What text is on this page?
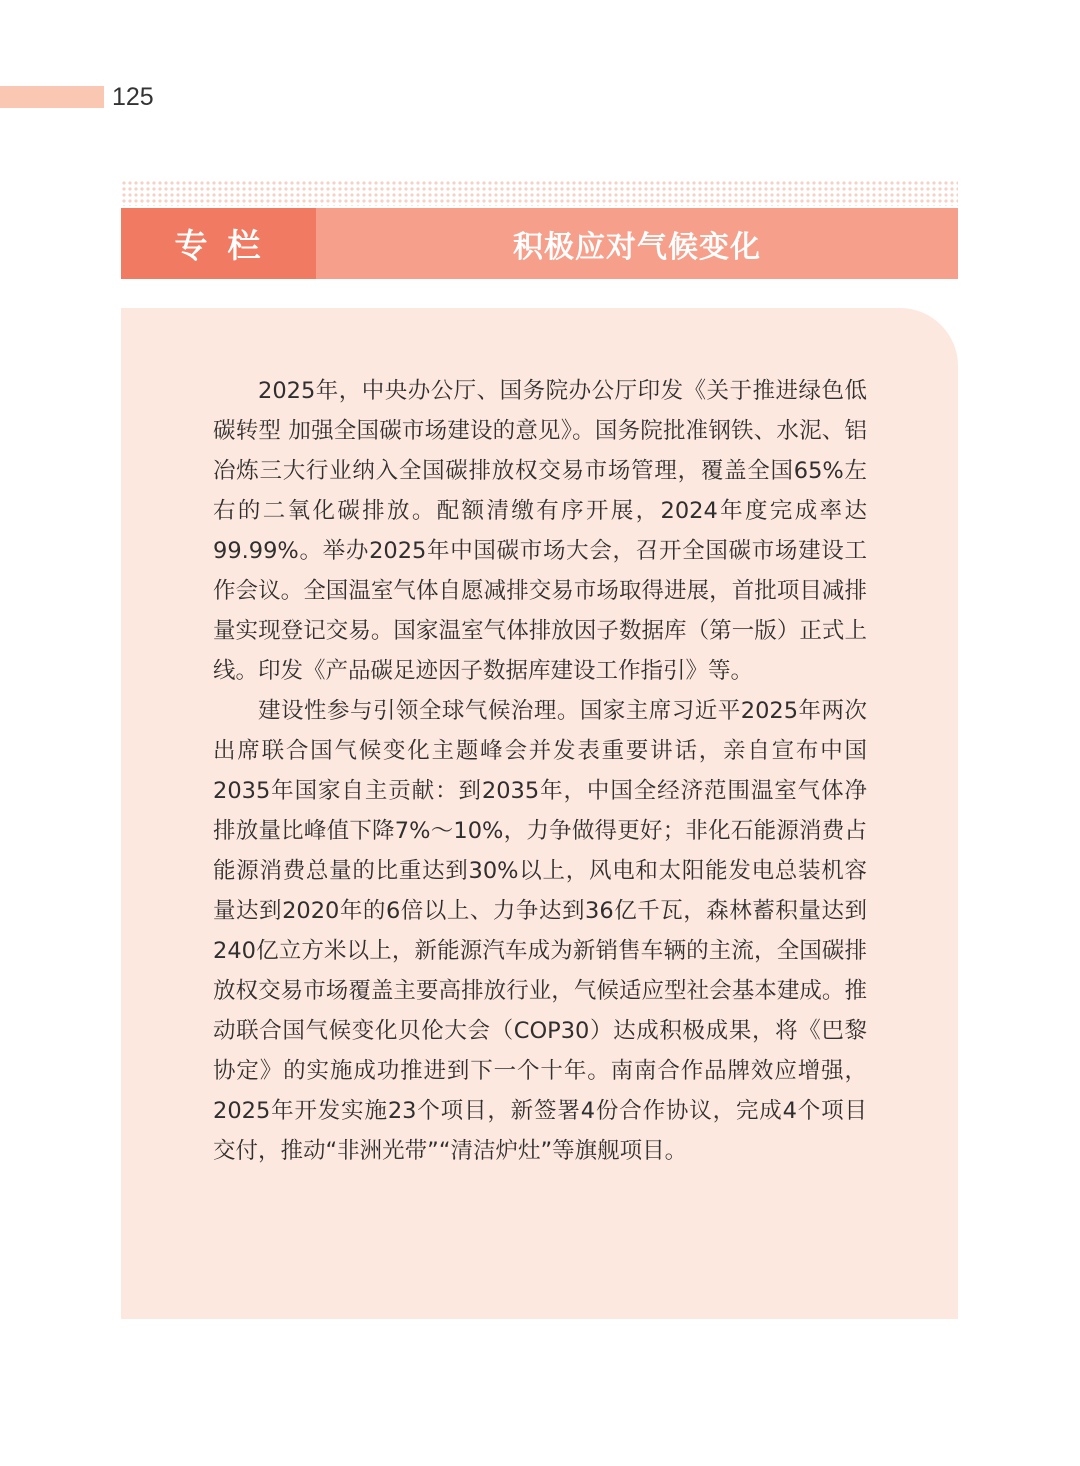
125
专栏	积极应对气候变化

2025年，中央办公厅、国务院办公厅印发《关于推进绿色低碳转型 加强全国碳市场建设的意见》。国务院批准钢铁、水泥、铝冶炼三大行业纳入全国碳排放权交易市场管理，覆盖全国65%左右的二氧化碳排放。配额清缴有序开展，2024年度完成率达99.99%。举办2025年中国碳市场大会，召开全国碳市场建设工作会议。全国温室气体自愿减排交易市场取得进展，首批项目减排量实现登记交易。国家温室气体排放因子数据库（第一版）正式上线。印发《产品碳足迹因子数据库建设工作指引》等。

建设性参与引领全球气候治理。国家主席习近平2025年两次出席联合国气候变化主题峰会并发表重要讲话，亲自宣布中国2035年国家自主贡献：到2035年，中国全经济范围温室气体净排放量比峰值下降7%～10%，力争做得更好；非化石能源消费占能源消费总量的比重达到30%以上，风电和太阳能发电总装机容量达到2020年的6倍以上、力争达到36亿千瓦，森林蓄积量达到240亿立方米以上，新能源汽车成为新销售车辆的主流，全国碳排放权交易市场覆盖主要高排放行业，气候适应型社会基本建成。推动联合国气候变化贝伦大会（COP30）达成积极成果，将《巴黎协定》的实施成功推进到下一个十年。南南合作品牌效应增强，2025年开发实施23个项目，新签署4份合作协议，完成4个项目交付，推动“非洲光带”“清洁炉灶”等旗舰项目。
